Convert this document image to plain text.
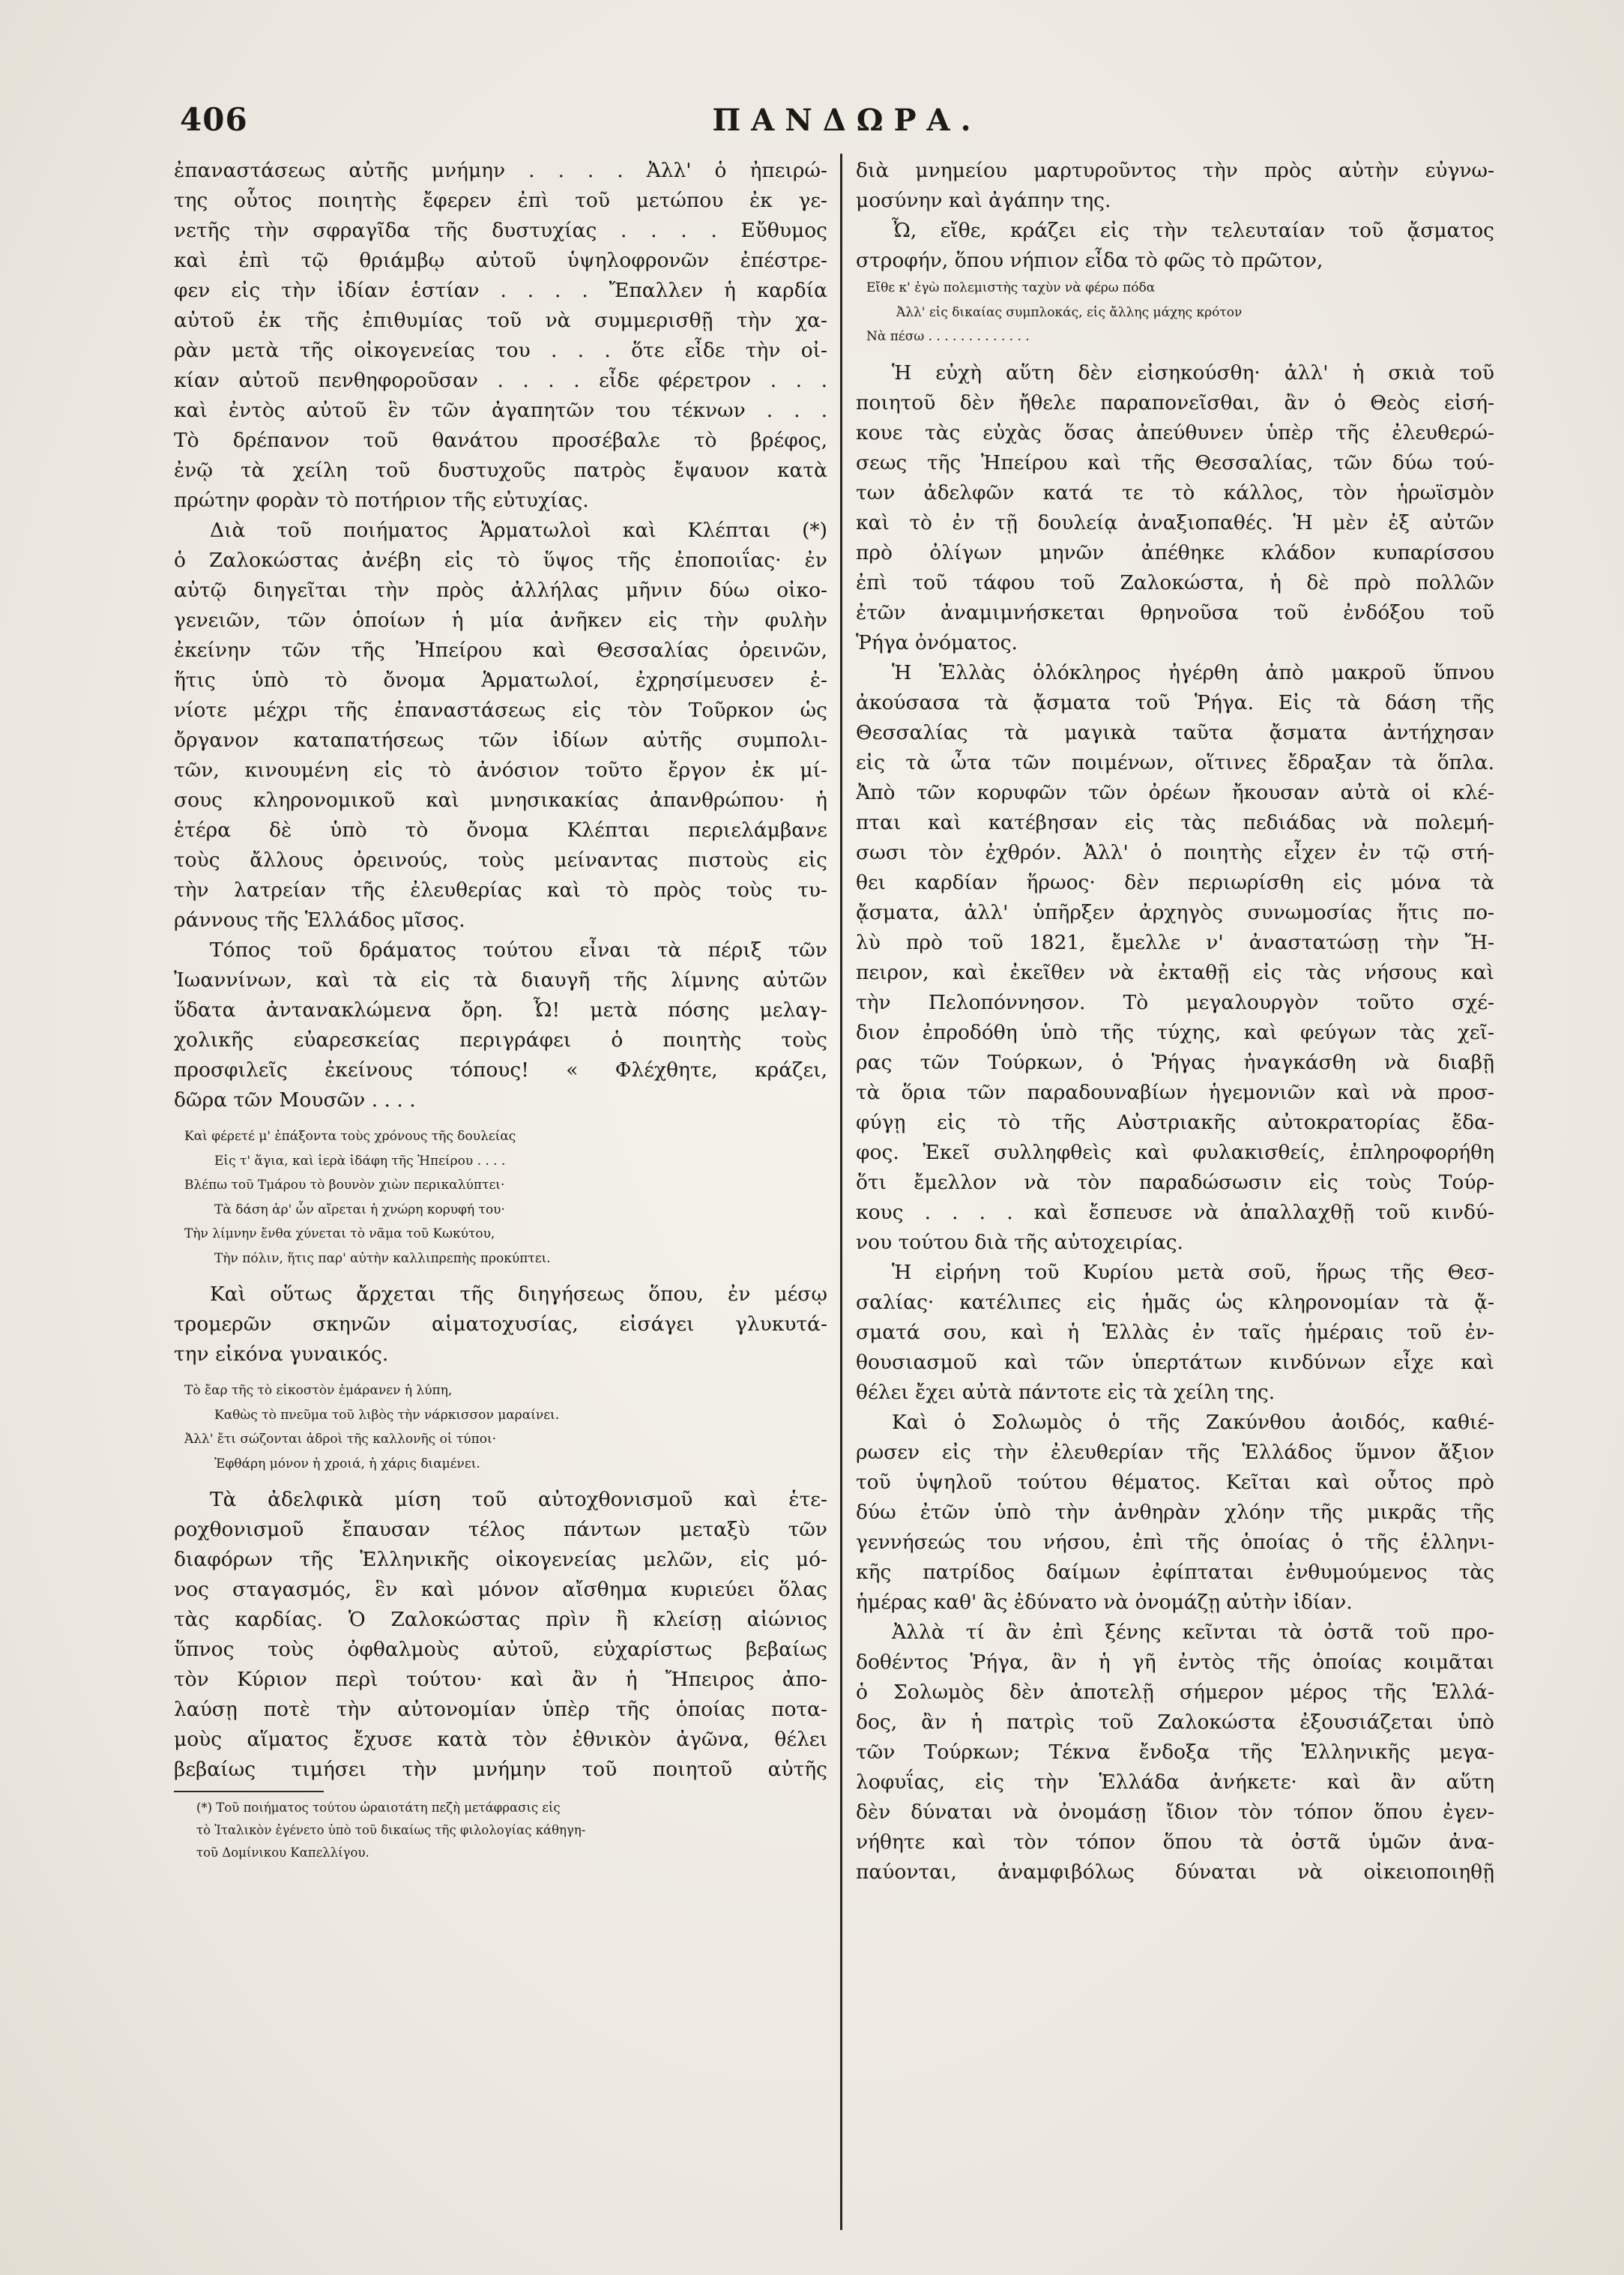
406	ΠΑΝΔΩΡΑ.
ἐπαναστάσεως αὐτῆς μνήμην . . . . Ἀλλ' ὁ ἠπειρώ-
της οὗτος ποιητὴς ἔφερεν ἐπὶ τοῦ μετώπου ἐκ γε-
νετῆς τὴν σφραγῖδα τῆς δυστυχίας . . . . Εὔθυμος
καὶ ἐπὶ τῷ θριάμβῳ αὐτοῦ ὑψηλοφρονῶν ἐπέστρε-
φεν εἰς τὴν ἰδίαν ἑστίαν . . . . Ἔπαλλεν ἡ καρδία
αὐτοῦ ἐκ τῆς ἐπιθυμίας τοῦ νὰ συμμερισθῇ τὴν χα-
ρὰν μετὰ τῆς οἰκογενείας του . . . ὅτε εἶδε τὴν οἰ-
κίαν αὐτοῦ πενθηφοροῦσαν . . . . εἶδε φέρετρον . . .
καὶ ἐντὸς αὐτοῦ ἓν τῶν ἀγαπητῶν του τέκνων . . .
Τὸ δρέπανον τοῦ θανάτου προσέβαλε τὸ βρέφος,
ἐνῷ τὰ χείλη τοῦ δυστυχοῦς πατρὸς ἔψαυον κατὰ
πρώτην φορὰν τὸ ποτήριον τῆς εὐτυχίας.
Διὰ τοῦ ποιήματος Ἁρματωλοὶ καὶ Κλέπται (*)
ὁ Ζαλοκώστας ἀνέβη εἰς τὸ ὕψος τῆς ἐποποιΐας· ἐν
αὐτῷ διηγεῖται τὴν πρὸς ἀλλήλας μῆνιν δύω οἰκο-
γενειῶν, τῶν ὁποίων ἡ μία ἀνῆκεν εἰς τὴν φυλὴν
ἐκείνην τῶν τῆς Ἠπείρου καὶ Θεσσαλίας ὀρεινῶν,
ἥτις ὑπὸ τὸ ὄνομα Ἁρματωλοί, ἐχρησίμευσεν ἐ-
νίοτε μέχρι τῆς ἐπαναστάσεως εἰς τὸν Τοῦρκον ὡς
ὄργανον καταπατήσεως τῶν ἰδίων αὐτῆς συμπολι-
τῶν, κινουμένη εἰς τὸ ἀνόσιον τοῦτο ἔργον ἐκ μί-
σους κληρονομικοῦ καὶ μνησικακίας ἀπανθρώπου· ἡ
ἑτέρα δὲ ὑπὸ τὸ ὄνομα Κλέπται περιελάμβανε
τοὺς ἄλλους ὀρεινούς, τοὺς μείναντας πιστοὺς εἰς
τὴν λατρείαν τῆς ἐλευθερίας καὶ τὸ πρὸς τοὺς τυ-
ράννους τῆς Ἑλλάδος μῖσος.
Τόπος τοῦ δράματος τούτου εἶναι τὰ πέριξ τῶν
Ἰωαννίνων, καὶ τὰ εἰς τὰ διαυγῆ τῆς λίμνης αὐτῶν
ὕδατα ἀντανακλώμενα ὄρη. Ὦ! μετὰ πόσης μελαγ-
χολικῆς εὐαρεσκείας περιγράφει ὁ ποιητὴς τοὺς
προσφιλεῖς ἐκείνους τόπους! « Φλέχθητε, κράζει,
δῶρα τῶν Μουσῶν . . . .
Καὶ φέρετέ μ' ἐπάξοντα τοὺς χρόνους τῆς δουλείας
Εἰς τ' ἅγια, καὶ ἱερὰ ἰδάφη τῆς Ἠπείρου . . . .
Βλέπω τοῦ Τμάρου τὸ βουνὸν χιὼν περικαλύπτει·
Τὰ δάση ἀρ' ὧν αἴρεται ἡ χνώρη κορυφή του·
Τὴν λίμνην ἔνθα χύνεται τὸ νᾶμα τοῦ Κωκύτου,
Τὴν πόλιν, ἥτις παρ' αὐτὴν καλλιπρεπὴς προκύπτει.
Καὶ οὕτως ἄρχεται τῆς διηγήσεως ὅπου, ἐν μέσῳ
τρομερῶν σκηνῶν αἱματοχυσίας, εἰσάγει γλυκυτά-
την εἰκόνα γυναικός.
Τὸ ἔαρ τῆς τὸ εἰκοστὸν ἐμάρανεν ἡ λύπη,
Καθὼς τὸ πνεῦμα τοῦ λιβὸς τὴν νάρκισσον μαραίνει.
Ἀλλ' ἔτι σώζονται ἀδροὶ τῆς καλλονῆς οἱ τύποι·
Ἐφθάρη μόνον ἡ χροιά, ἡ χάρις διαμένει.
Τὰ ἀδελφικὰ μίση τοῦ αὐτοχθονισμοῦ καὶ ἑτε-
ροχθονισμοῦ ἔπαυσαν τέλος πάντων μεταξὺ τῶν
διαφόρων τῆς Ἑλληνικῆς οἰκογενείας μελῶν, εἰς μό-
νος σταγασμός, ἓν καὶ μόνον αἴσθημα κυριεύει ὅλας
τὰς καρδίας. Ὁ Ζαλοκώστας πρὶν ἢ κλείσῃ αἰώνιος
ὕπνος τοὺς ὀφθαλμοὺς αὐτοῦ, εὐχαρίστως βεβαίως
τὸν Κύριον περὶ τούτου· καὶ ἂν ἡ Ἤπειρος ἀπο-
λαύσῃ ποτὲ τὴν αὐτονομίαν ὑπὲρ τῆς ὁποίας ποτα-
μοὺς αἵματος ἔχυσε κατὰ τὸν ἐθνικὸν ἀγῶνα, θέλει
βεβαίως τιμήσει τὴν μνήμην τοῦ ποιητοῦ αὐτῆς
(*) Τοῦ ποιήματος τούτου ὡραιοτάτη πεζὴ μετάφρασις εἰς
τὸ Ἰταλικὸν ἐγένετο ὑπὸ τοῦ δικαίως τῆς φιλολογίας κάθηγη-
τοῦ Δομίνικου Καπελλίγου.
διὰ μνημείου μαρτυροῦντος τὴν πρὸς αὐτὴν εὐγνω-
μοσύνην καὶ ἀγάπην της.
Ὦ, εἴθε, κράζει εἰς τὴν τελευταίαν τοῦ ᾄσματος
στροφήν, ὅπου νήπιον εἶδα τὸ φῶς τὸ πρῶτον,
Εἴθε κ' ἐγὼ πολεμιστὴς ταχὺν νὰ φέρω πόδα
Ἀλλ' εἰς δικαίας συμπλοκάς, εἰς ἄλλης μάχης κρότον
Νὰ πέσω . . . . . . . . . . . . .
Ἡ εὐχὴ αὕτη δὲν εἰσηκούσθη· ἀλλ' ἡ σκιὰ τοῦ
ποιητοῦ δὲν ἤθελε παραπονεῖσθαι, ἂν ὁ Θεὸς εἰσή-
κουε τὰς εὐχὰς ὅσας ἀπεύθυνεν ὑπὲρ τῆς ἐλευθερώ-
σεως τῆς Ἠπείρου καὶ τῆς Θεσσαλίας, τῶν δύω τού-
των ἀδελφῶν κατά τε τὸ κάλλος, τὸν ἡρωϊσμὸν
καὶ τὸ ἐν τῇ δουλείᾳ ἀναξιοπαθές. Ἡ μὲν ἐξ αὐτῶν
πρὸ ὀλίγων μηνῶν ἀπέθηκε κλάδον κυπαρίσσου
ἐπὶ τοῦ τάφου τοῦ Ζαλοκώστα, ἡ δὲ πρὸ πολλῶν
ἐτῶν ἀναμιμνήσκεται θρηνοῦσα τοῦ ἐνδόξου τοῦ
Ῥήγα ὀνόματος.
Ἡ Ἑλλὰς ὁλόκληρος ἠγέρθη ἀπὸ μακροῦ ὕπνου
ἀκούσασα τὰ ᾄσματα τοῦ Ῥήγα. Εἰς τὰ δάση τῆς
Θεσσαλίας τὰ μαγικὰ ταῦτα ᾄσματα ἀντήχησαν
εἰς τὰ ὦτα τῶν ποιμένων, οἵτινες ἔδραξαν τὰ ὅπλα.
Ἀπὸ τῶν κορυφῶν τῶν ὀρέων ἤκουσαν αὐτὰ οἱ κλέ-
πται καὶ κατέβησαν εἰς τὰς πεδιάδας νὰ πολεμή-
σωσι τὸν ἐχθρόν. Ἀλλ' ὁ ποιητὴς εἶχεν ἐν τῷ στή-
θει καρδίαν ἥρωος· δὲν περιωρίσθη εἰς μόνα τὰ
ᾄσματα, ἀλλ' ὑπῆρξεν ἀρχηγὸς συνωμοσίας ἥτις πο-
λὺ πρὸ τοῦ 1821, ἔμελλε ν' ἀναστατώσῃ τὴν Ἤ-
πειρον, καὶ ἐκεῖθεν νὰ ἐκταθῇ εἰς τὰς νήσους καὶ
τὴν Πελοπόννησον. Τὸ μεγαλουργὸν τοῦτο σχέ-
διον ἐπροδόθη ὑπὸ τῆς τύχης, καὶ φεύγων τὰς χεῖ-
ρας τῶν Τούρκων, ὁ Ῥήγας ἠναγκάσθη νὰ διαβῇ
τὰ ὅρια τῶν παραδουναβίων ἡγεμονιῶν καὶ νὰ προσ-
φύγῃ εἰς τὸ τῆς Αὐστριακῆς αὐτοκρατορίας ἔδα-
φος. Ἐκεῖ συλληφθεὶς καὶ φυλακισθείς, ἐπληροφορήθη
ὅτι ἔμελλον νὰ τὸν παραδώσωσιν εἰς τοὺς Τούρ-
κους . . . . καὶ ἔσπευσε νὰ ἀπαλλαχθῇ τοῦ κινδύ-
νου τούτου διὰ τῆς αὐτοχειρίας.
Ἡ εἰρήνη τοῦ Κυρίου μετὰ σοῦ, ἥρως τῆς Θεσ-
σαλίας· κατέλιπες εἰς ἡμᾶς ὡς κληρονομίαν τὰ ᾄ-
σματά σου, καὶ ἡ Ἑλλὰς ἐν ταῖς ἡμέραις τοῦ ἐν-
θουσιασμοῦ καὶ τῶν ὑπερτάτων κινδύνων εἶχε καὶ
θέλει ἔχει αὐτὰ πάντοτε εἰς τὰ χείλη της.
Καὶ ὁ Σολωμὸς ὁ τῆς Ζακύνθου ἀοιδός, καθιέ-
ρωσεν εἰς τὴν ἐλευθερίαν τῆς Ἑλλάδος ὕμνον ἄξιον
τοῦ ὑψηλοῦ τούτου θέματος. Κεῖται καὶ οὗτος πρὸ
δύω ἐτῶν ὑπὸ τὴν ἀνθηρὰν χλόην τῆς μικρᾶς τῆς
γεννήσεώς του νήσου, ἐπὶ τῆς ὁποίας ὁ τῆς ἑλληνι-
κῆς πατρίδος δαίμων ἐφίπταται ἐνθυμούμενος τὰς
ἡμέρας καθ' ἃς ἐδύνατο νὰ ὀνομάζῃ αὐτὴν ἰδίαν.
Ἀλλὰ τί ἂν ἐπὶ ξένης κεῖνται τὰ ὀστᾶ τοῦ προ-
δοθέντος Ῥήγα, ἂν ἡ γῆ ἐντὸς τῆς ὁποίας κοιμᾶται
ὁ Σολωμὸς δὲν ἀποτελῇ σήμερον μέρος τῆς Ἑλλά-
δος, ἂν ἡ πατρὶς τοῦ Ζαλοκώστα ἐξουσιάζεται ὑπὸ
τῶν Τούρκων; Τέκνα ἔνδοξα τῆς Ἑλληνικῆς μεγα-
λοφυΐας, εἰς τὴν Ἑλλάδα ἀνήκετε· καὶ ἂν αὕτη
δὲν δύναται νὰ ὀνομάσῃ ἴδιον τὸν τόπον ὅπου ἐγεν-
νήθητε καὶ τὸν τόπον ὅπου τὰ ὀστᾶ ὑμῶν ἀνα-
παύονται, ἀναμφιβόλως δύναται νὰ οἰκειοποιηθῇ
